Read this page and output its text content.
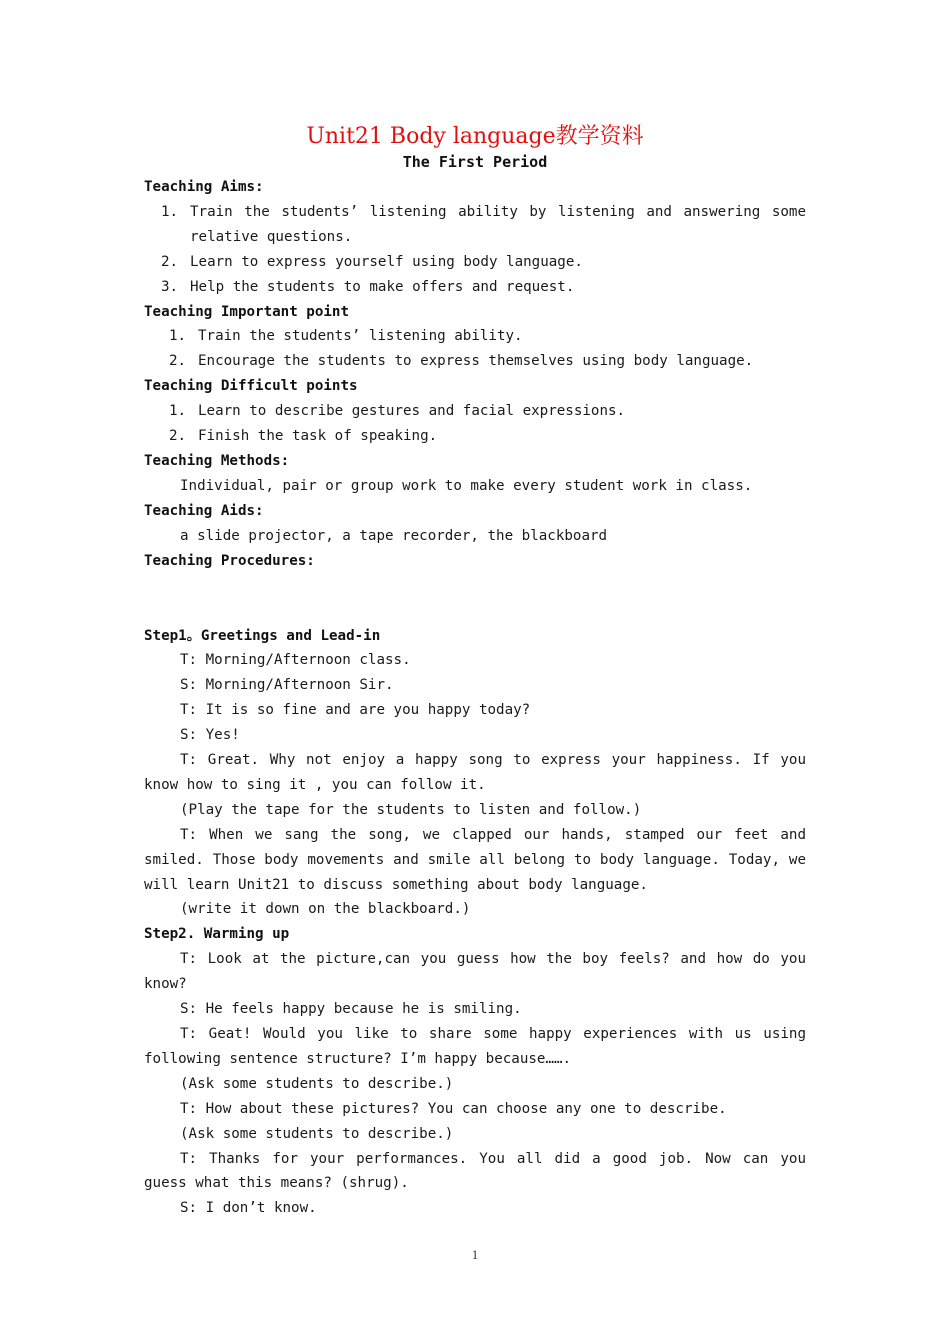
Unit21 Body language教学资料
The First Period
Teaching Aims:
1. Train the students’ listening ability by listening and answering some relative questions.
2. Learn to express yourself using body language.
3. Help the students to make offers and request.
Teaching Important point
1. Train the students’ listening ability.
2. Encourage the students to express themselves using body language.
Teaching Difficult points
1. Learn to describe gestures and facial expressions.
2. Finish the task of speaking.
Teaching Methods:
Individual, pair or group work to make every student work in class.
Teaching Aids:
a slide projector, a tape recorder, the blackboard
Teaching Procedures:
Step1。Greetings and Lead-in
T: Morning/Afternoon class.
S: Morning/Afternoon Sir.
T: It is so fine and are you happy today?
S: Yes!
T: Great. Why not enjoy a happy song to express your happiness. If you know how to sing it , you can follow it.
(Play the tape for the students to listen and follow.)
T: When we sang the song, we clapped our hands, stamped our feet and smiled. Those body movements and smile all belong to body language. Today, we will learn Unit21 to discuss something about body language.
(write it down on the blackboard.)
Step2. Warming up
T: Look at the picture,can you guess how the boy feels? and how do you know?
S: He feels happy because he is smiling.
T: Geat! Would you like to share some happy experiences with us using following sentence structure? I’m happy because…….
(Ask some students to describe.)
T: How about these pictures? You can choose any one to describe.
(Ask some students to describe.)
T: Thanks for your performances. You all did a good job. Now can you guess what this means? (shrug).
S: I don’t know.
1
